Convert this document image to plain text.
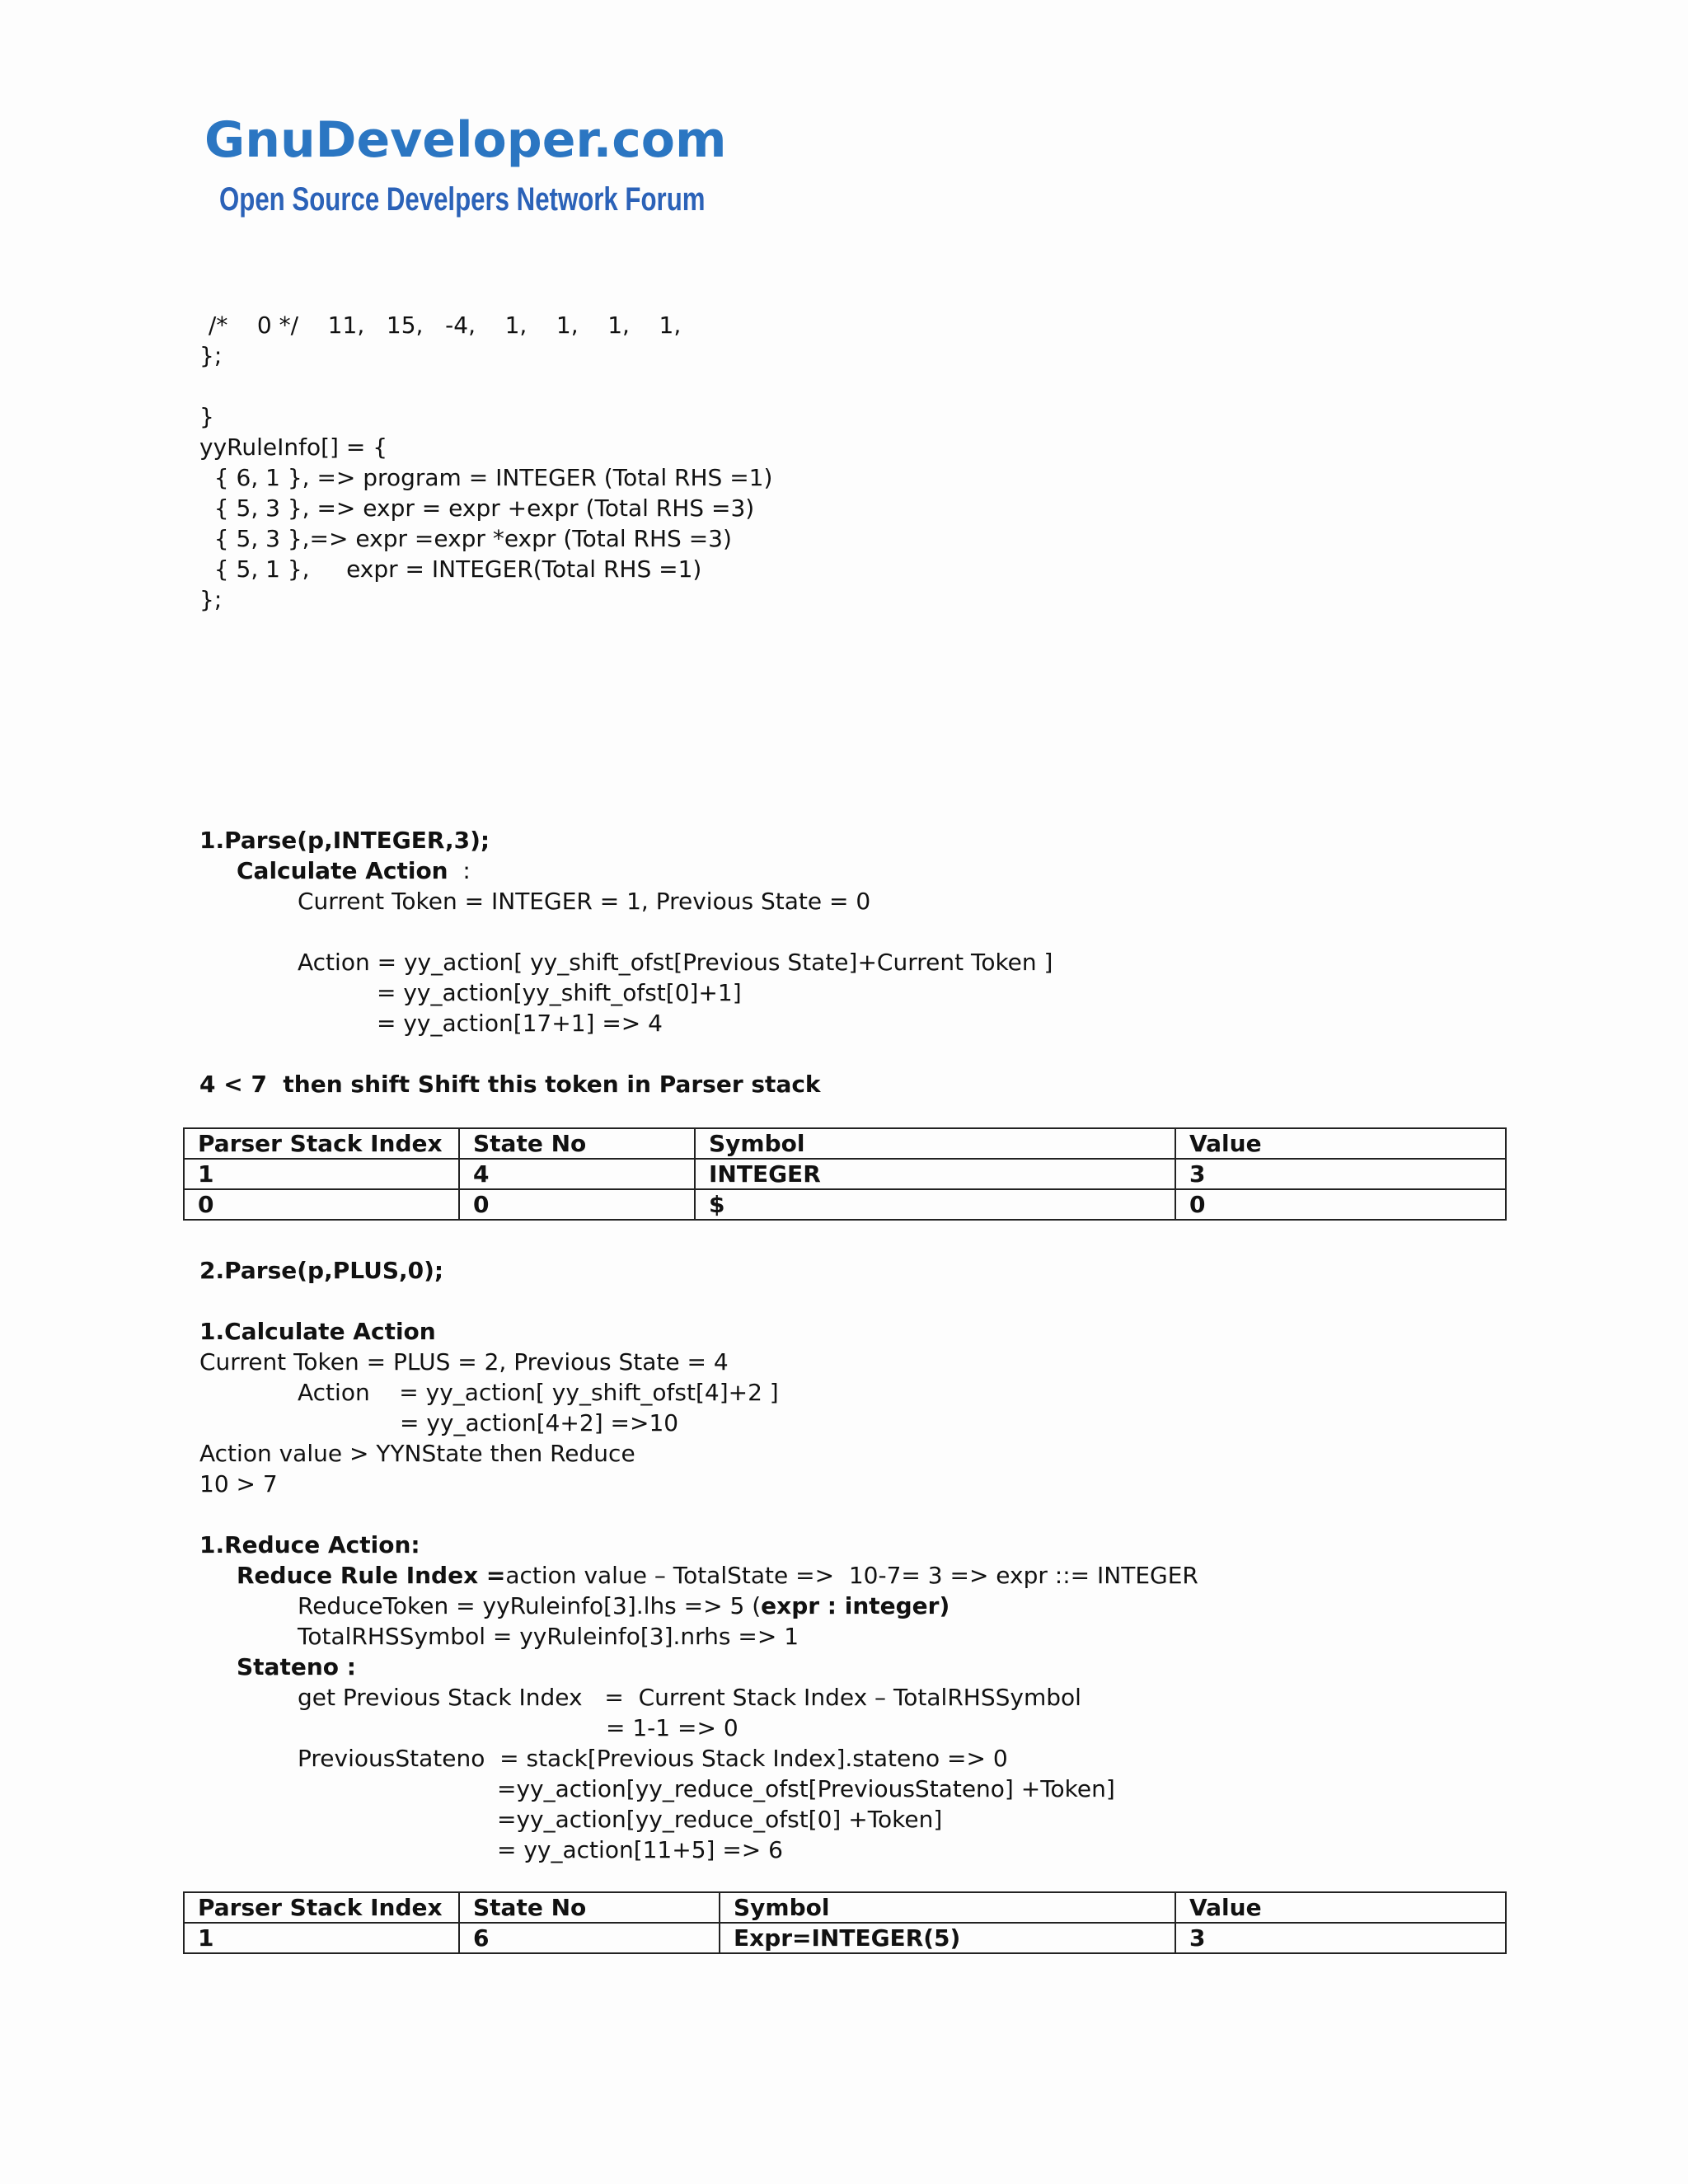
GnuDeveloper.com
Open Source Develpers Network Forum
/*    0 */    11,   15,   -4,    1,    1,    1,    1,
};
}
yyRuleInfo[] = {
{ 6, 1 }, => program = INTEGER (Total RHS =1)
{ 5, 3 }, => expr = expr +expr (Total RHS =3)
{ 5, 3 },=> expr =expr *expr (Total RHS =3)
{ 5, 1 },     expr = INTEGER(Total RHS =1)
};
1.Parse(p,INTEGER,3);
Calculate Action  :
Current Token = INTEGER = 1, Previous State = 0
Action = yy_action[ yy_shift_ofst[Previous State]+Current Token ]
= yy_action[yy_shift_ofst[0]+1]
= yy_action[17+1] => 4
4 < 7  then shift Shift this token in Parser stack
Parser Stack Index	State No	Symbol	Value
1	4	INTEGER	3
0	0	$	0
2.Parse(p,PLUS,0);
1.Calculate Action
Current Token = PLUS = 2, Previous State = 4
Action    = yy_action[ yy_shift_ofst[4]+2 ]
= yy_action[4+2] =>10
Action value > YYNState then Reduce
10 > 7
1.Reduce Action:
Reduce Rule Index =action value – TotalState =>  10-7= 3 => expr ::= INTEGER
ReduceToken = yyRuleinfo[3].lhs => 5 (expr : integer)
TotalRHSSymbol = yyRuleinfo[3].nrhs => 1
Stateno :
get Previous Stack Index   =  Current Stack Index – TotalRHSSymbol
= 1-1 => 0
PreviousStateno  = stack[Previous Stack Index].stateno => 0
=yy_action[yy_reduce_ofst[PreviousStateno] +Token]
=yy_action[yy_reduce_ofst[0] +Token]
= yy_action[11+5] => 6
Parser Stack Index	State No	Symbol	Value
1	6	Expr=INTEGER(5)	3
